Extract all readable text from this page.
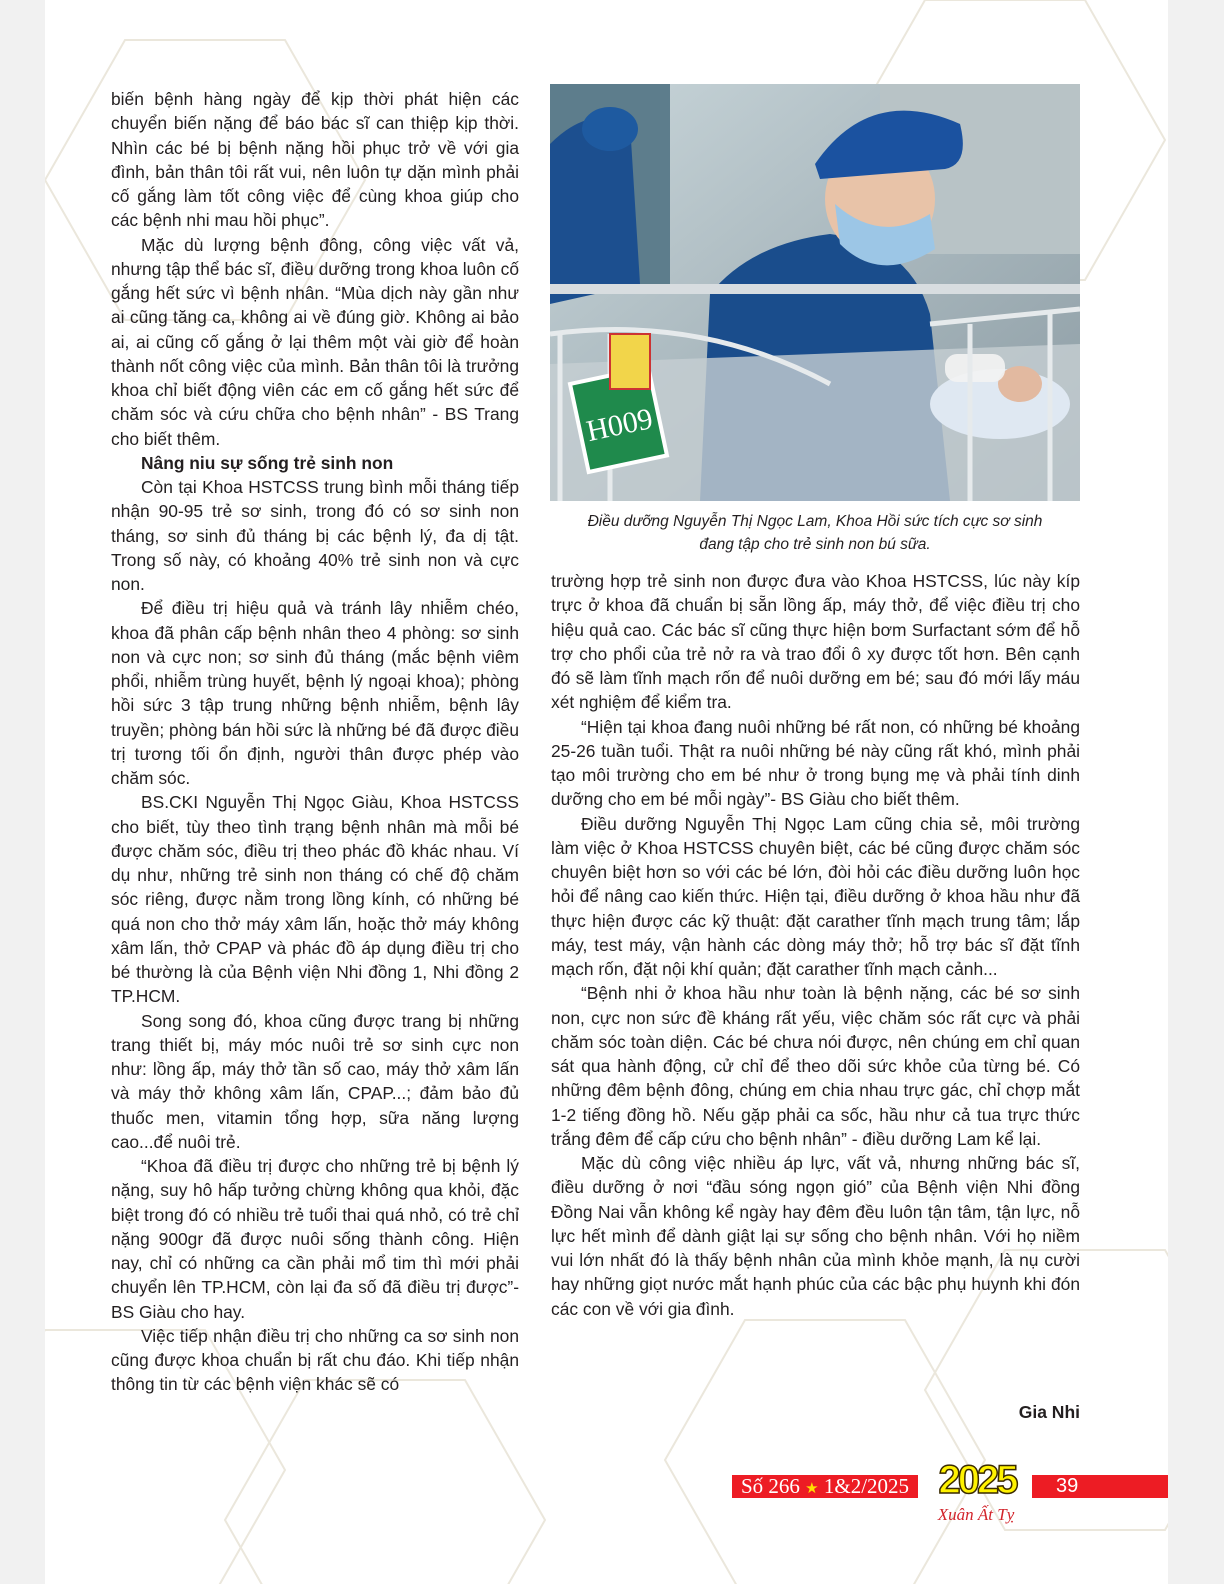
biến bệnh hàng ngày để kịp thời phát hiện các chuyển biến nặng để báo bác sĩ can thiệp kịp thời. Nhìn các bé bị bệnh nặng hồi phục trở về với gia đình, bản thân tôi rất vui, nên luôn tự dặn mình phải cố gắng làm tốt công việc để cùng khoa giúp cho các bệnh nhi mau hồi phục”.

Mặc dù lượng bệnh đông, công việc vất vả, nhưng tập thể bác sĩ, điều dưỡng trong khoa luôn cố gắng hết sức vì bệnh nhân. “Mùa dịch này gần như ai cũng tăng ca, không ai về đúng giờ. Không ai bảo ai, ai cũng cố gắng ở lại thêm một vài giờ để hoàn thành nốt công việc của mình. Bản thân tôi là trưởng khoa chỉ biết động viên các em cố gắng hết sức để chăm sóc và cứu chữa cho bệnh nhân” - BS Trang cho biết thêm.

Nâng niu sự sống trẻ sinh non

Còn tại Khoa HSTCSS trung bình mỗi tháng tiếp nhận 90-95 trẻ sơ sinh, trong đó có sơ sinh non tháng, sơ sinh đủ tháng bị các bệnh lý, đa dị tật. Trong số này, có khoảng 40% trẻ sinh non và cực non.

Để điều trị hiệu quả và tránh lây nhiễm chéo, khoa đã phân cấp bệnh nhân theo 4 phòng: sơ sinh non và cực non; sơ sinh đủ tháng (mắc bệnh viêm phổi, nhiễm trùng huyết, bệnh lý ngoại khoa); phòng hồi sức 3 tập trung những bệnh nhiễm, bệnh lây truyền; phòng bán hồi sức là những bé đã được điều trị tương tối ổn định, người thân được phép vào chăm sóc.

BS.CKI Nguyễn Thị Ngọc Giàu, Khoa HSTCSS cho biết, tùy theo tình trạng bệnh nhân mà mỗi bé được chăm sóc, điều trị theo phác đồ khác nhau. Ví dụ như, những trẻ sinh non tháng có chế độ chăm sóc riêng, được nằm trong lồng kính, có những bé quá non cho thở máy xâm lấn, hoặc thở máy không xâm lấn, thở CPAP và phác đồ áp dụng điều trị cho bé thường là của Bệnh viện Nhi đồng 1, Nhi đồng 2 TP.HCM.

Song song đó, khoa cũng được trang bị những trang thiết bị, máy móc nuôi trẻ sơ sinh cực non như: lồng ấp, máy thở tần số cao, máy thở xâm lấn và máy thở không xâm lấn, CPAP...; đảm bảo đủ thuốc men, vitamin tổng hợp, sữa năng lượng cao...để nuôi trẻ.

“Khoa đã điều trị được cho những trẻ bị bệnh lý nặng, suy hô hấp tưởng chừng không qua khỏi, đặc biệt trong đó có nhiều trẻ tuổi thai quá nhỏ, có trẻ chỉ nặng 900gr đã được nuôi sống thành công. Hiện nay, chỉ có những ca cần phải mổ tim thì mới phải chuyển lên TP.HCM, còn lại đa số đã điều trị được”- BS Giàu cho hay.

Việc tiếp nhận điều trị cho những ca sơ sinh non cũng được khoa chuẩn bị rất chu đáo. Khi tiếp nhận thông tin từ các bệnh viện khác sẽ có

H009
Điều dưỡng Nguyễn Thị Ngọc Lam, Khoa Hồi sức tích cực sơ sinh
đang tập cho trẻ sinh non bú sữa.

trường hợp trẻ sinh non được đưa vào Khoa HSTCSS, lúc này kíp trực ở khoa đã chuẩn bị sẵn lồng ấp, máy thở, để việc điều trị cho hiệu quả cao. Các bác sĩ cũng thực hiện bơm Surfactant sớm để hỗ trợ cho phổi của trẻ nở ra và trao đổi ô xy được tốt hơn. Bên cạnh đó sẽ làm tĩnh mạch rốn để nuôi dưỡng em bé; sau đó mới lấy máu xét nghiệm để kiểm tra.

“Hiện tại khoa đang nuôi những bé rất non, có những bé khoảng 25-26 tuần tuổi. Thật ra nuôi những bé này cũng rất khó, mình phải tạo môi trường cho em bé như ở trong bụng mẹ và phải tính dinh dưỡng cho em bé mỗi ngày”- BS Giàu cho biết thêm.

Điều dưỡng Nguyễn Thị Ngọc Lam cũng chia sẻ, môi trường làm việc ở Khoa HSTCSS chuyên biệt, các bé cũng được chăm sóc chuyên biệt hơn so với các bé lớn, đòi hỏi các điều dưỡng luôn học hỏi để nâng cao kiến thức. Hiện tại, điều dưỡng ở khoa hầu như đã thực hiện được các kỹ thuật: đặt carather tĩnh mạch trung tâm; lắp máy, test máy, vận hành các dòng máy thở; hỗ trợ bác sĩ đặt tĩnh mạch rốn, đặt nội khí quản; đặt carather tĩnh mạch cảnh...

“Bệnh nhi ở khoa hầu như toàn là bệnh nặng, các bé sơ sinh non, cực non sức đề kháng rất yếu, việc chăm sóc rất cực và phải chăm sóc toàn diện. Các bé chưa nói được, nên chúng em chỉ quan sát qua hành động, cử chỉ để theo dõi sức khỏe của từng bé. Có những đêm bệnh đông, chúng em chia nhau trực gác, chỉ chợp mắt 1-2 tiếng đồng hồ. Nếu gặp phải ca sốc, hầu như cả tua trực thức trắng đêm để cấp cứu cho bệnh nhân” - điều dưỡng Lam kể lại.

Mặc dù công việc nhiều áp lực, vất vả, nhưng những bác sĩ, điều dưỡng ở nơi “đầu sóng ngọn gió” của Bệnh viện Nhi đồng Đồng Nai vẫn không kể ngày hay đêm đều luôn tận tâm, tận lực, nỗ lực hết mình để dành giật lại sự sống cho bệnh nhân. Với họ niềm vui lớn nhất đó là thấy bệnh nhân của mình khỏe mạnh, là nụ cười hay những giọt nước mắt hạnh phúc của các bậc phụ huynh khi đón các con về với gia đình.

Gia Nhi
Số 266 ★ 1&2/2025 2025
Xuân Ất Tỵ
39
